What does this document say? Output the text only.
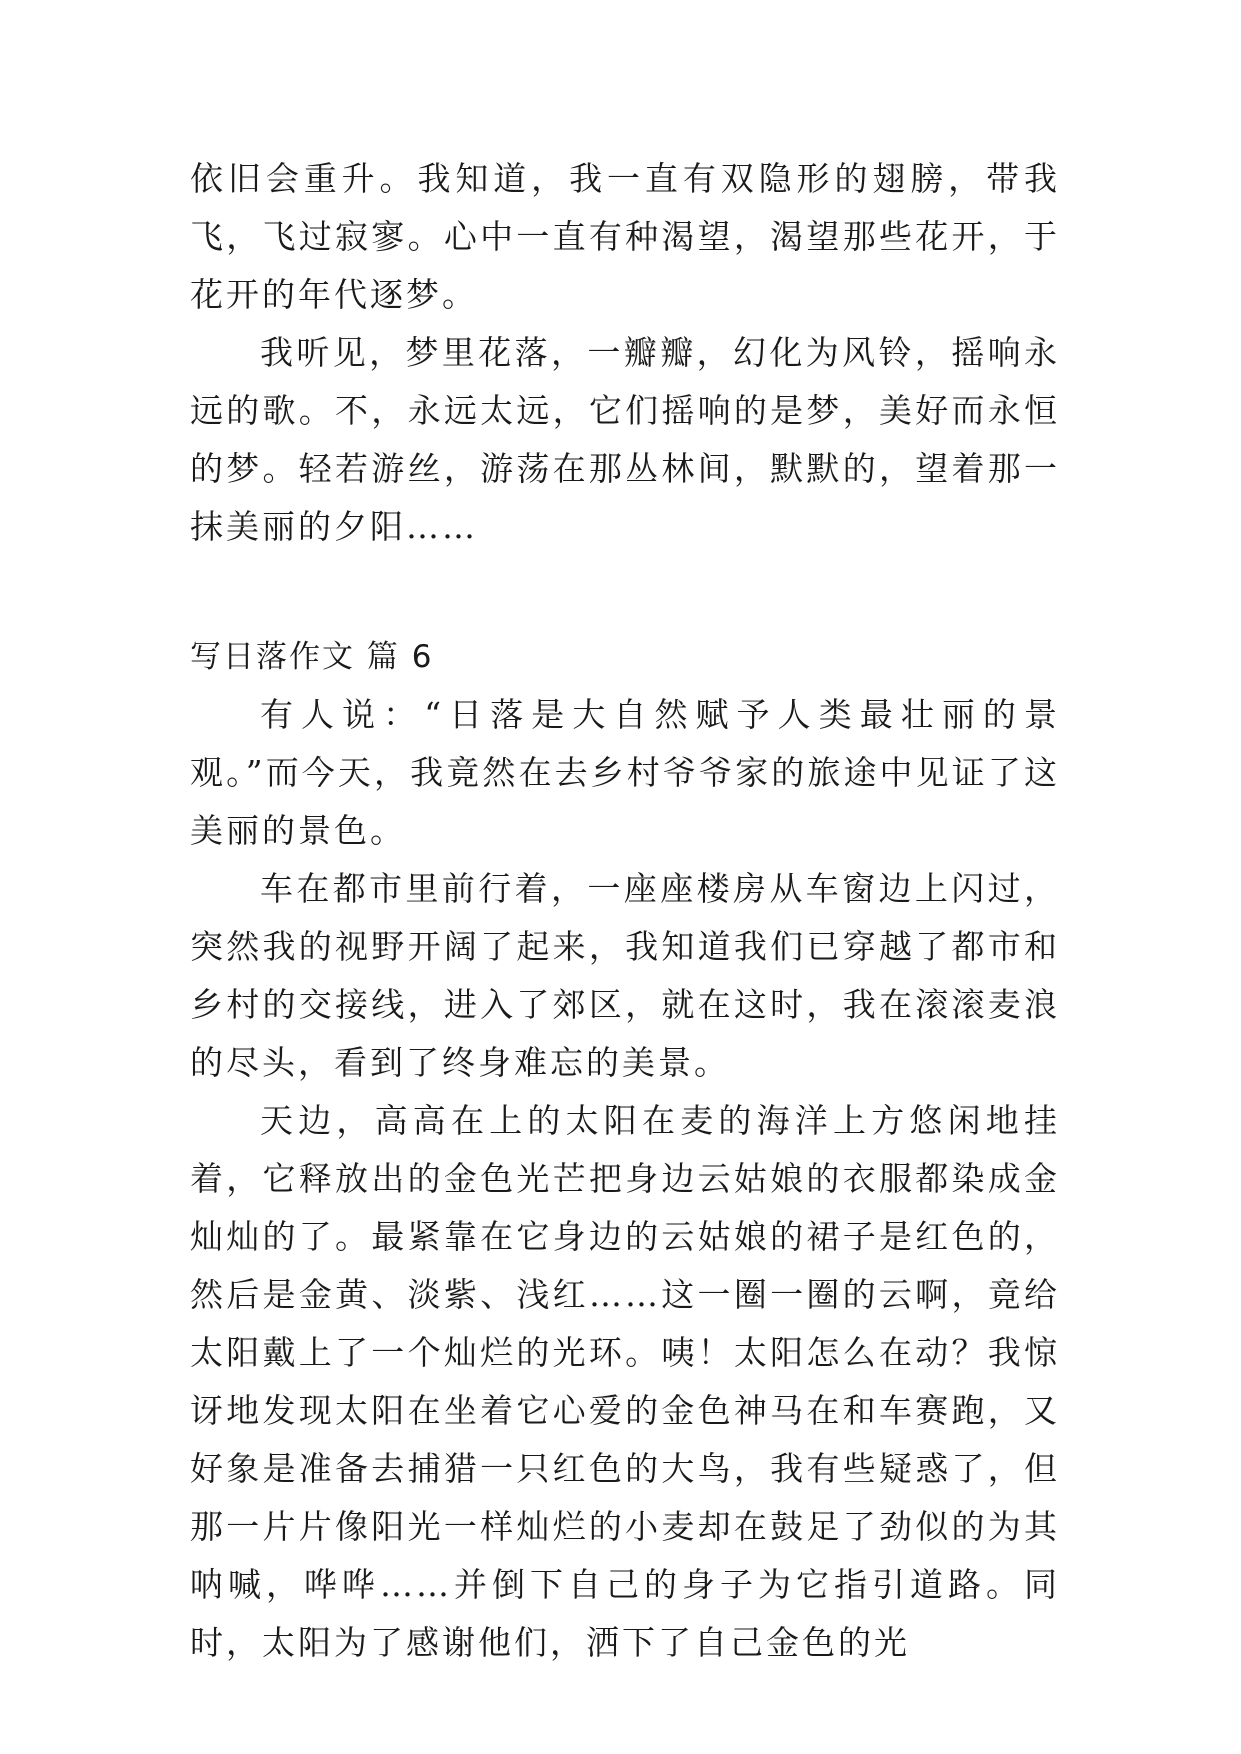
依旧会重升。我知道，我一直有双隐形的翅膀，带我飞，飞过寂寥。心中一直有种渴望，渴望那些花开，于花开的年代逐梦。

我听见，梦里花落，一瓣瓣，幻化为风铃，摇响永远的歌。不，永远太远，它们摇响的是梦，美好而永恒的梦。轻若游丝，游荡在那丛林间，默默的，望着那一抹美丽的夕阳……

写日落作文 篇 6

有人说：“日落是大自然赋予人类最壮丽的景观。”而今天，我竟然在去乡村爷爷家的旅途中见证了这美丽的景色。

车在都市里前行着，一座座楼房从车窗边上闪过，突然我的视野开阔了起来，我知道我们已穿越了都市和乡村的交接线，进入了郊区，就在这时，我在滚滚麦浪的尽头，看到了终身难忘的美景。

天边，高高在上的太阳在麦的海洋上方悠闲地挂着，它释放出的金色光芒把身边云姑娘的衣服都染成金灿灿的了。最紧靠在它身边的云姑娘的裙子是红色的，然后是金黄、淡紫、浅红……这一圈一圈的云啊，竟给太阳戴上了一个灿烂的光环。咦！太阳怎么在动？我惊讶地发现太阳在坐着它心爱的金色神马在和车赛跑，又好象是准备去捕猎一只红色的大鸟，我有些疑惑了，但那一片片像阳光一样灿烂的小麦却在鼓足了劲似的为其呐喊，哗哗……并倒下自己的身子为它指引道路。同时，太阳为了感谢他们，洒下了自己金色的光
